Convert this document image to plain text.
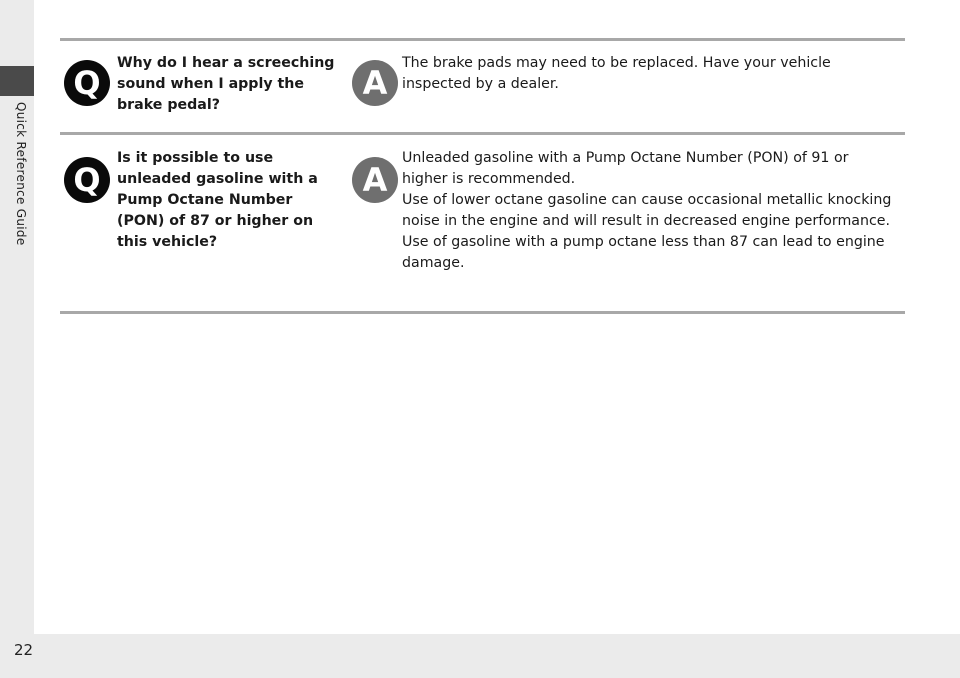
Quick Reference Guide
Q
Why do I hear a screeching sound when I apply the brake pedal?
A
The brake pads may need to be replaced. Have your vehicle inspected by a dealer.
Q
Is it possible to use unleaded gasoline with a Pump Octane Number (PON) of 87 or higher on this vehicle?
A
Unleaded gasoline with a Pump Octane Number (PON) of 91 or higher is recommended.
Use of lower octane gasoline can cause occasional metallic knocking noise in the engine and will result in decreased engine performance.
Use of gasoline with a pump octane less than 87 can lead to engine damage.
22
